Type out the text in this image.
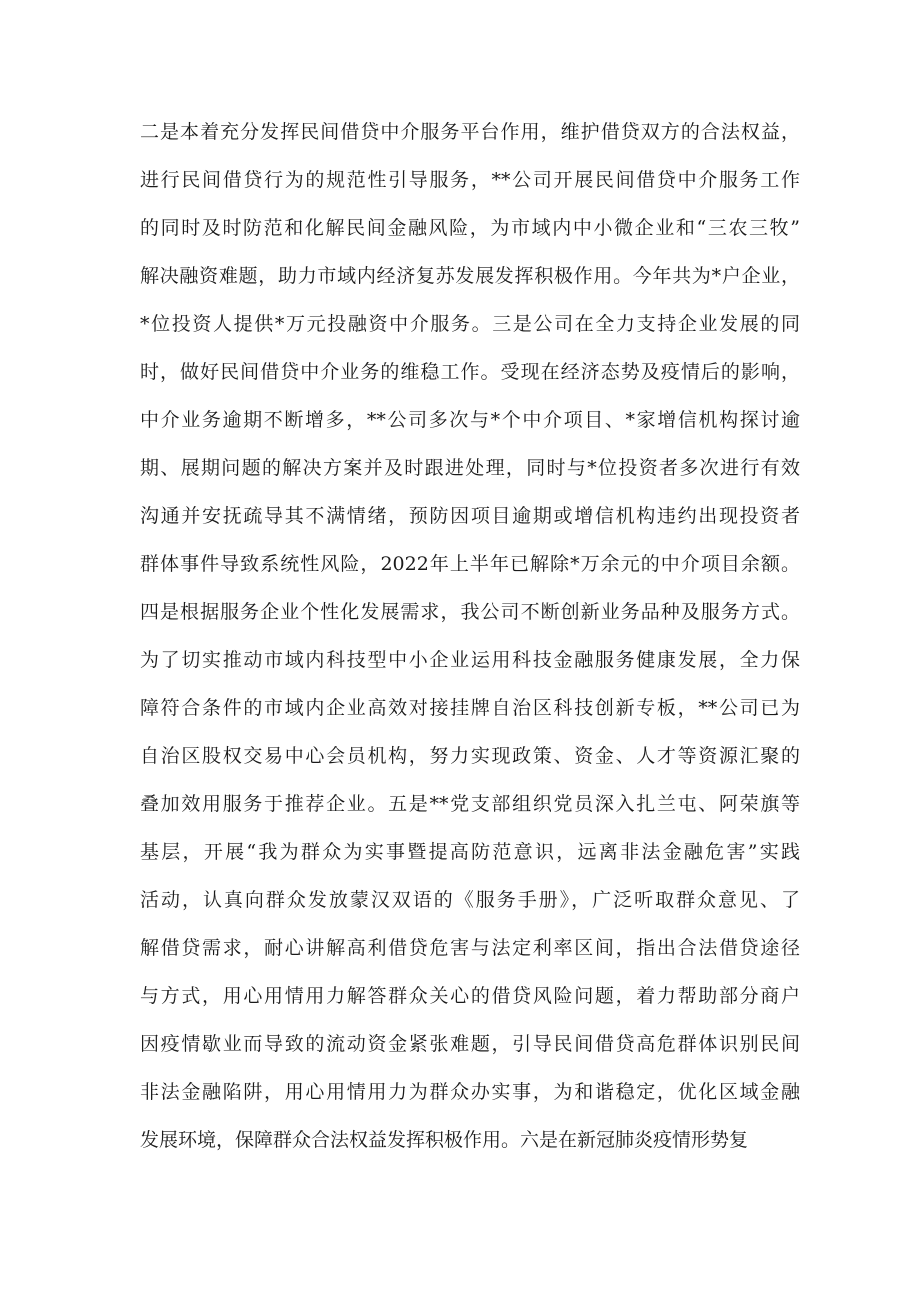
二是本着充分发挥民间借贷中介服务平台作用，维护借贷双方的合法权益，
进行民间借贷行为的规范性引导服务，**公司开展民间借贷中介服务工作
的同时及时防范和化解民间金融风险，为市域内中小微企业和“三农三牧”
解决融资难题，助力市域内经济复苏发展发挥积极作用。今年共为*户企业，
*位投资人提供*万元投融资中介服务。三是公司在全力支持企业发展的同
时，做好民间借贷中介业务的维稳工作。受现在经济态势及疫情后的影响，
中介业务逾期不断增多，**公司多次与*个中介项目、*家增信机构探讨逾
期、展期问题的解决方案并及时跟进处理，同时与*位投资者多次进行有效
沟通并安抚疏导其不满情绪，预防因项目逾期或增信机构违约出现投资者
群体事件导致系统性风险，2022年上半年已解除*万余元的中介项目余额。
四是根据服务企业个性化发展需求，我公司不断创新业务品种及服务方式。
为了切实推动市域内科技型中小企业运用科技金融服务健康发展，全力保
障符合条件的市域内企业高效对接挂牌自治区科技创新专板，**公司已为
自治区股权交易中心会员机构，努力实现政策、资金、人才等资源汇聚的
叠加效用服务于推荐企业。五是**党支部组织党员深入扎兰屯、阿荣旗等
基层，开展“我为群众为实事暨提高防范意识，远离非法金融危害”实践
活动，认真向群众发放蒙汉双语的《服务手册》，广泛听取群众意见、了
解借贷需求，耐心讲解高利借贷危害与法定利率区间，指出合法借贷途径
与方式，用心用情用力解答群众关心的借贷风险问题，着力帮助部分商户
因疫情歇业而导致的流动资金紧张难题，引导民间借贷高危群体识别民间
非法金融陷阱，用心用情用力为群众办实事，为和谐稳定，优化区域金融
发展环境，保障群众合法权益发挥积极作用。六是在新冠肺炎疫情形势复
